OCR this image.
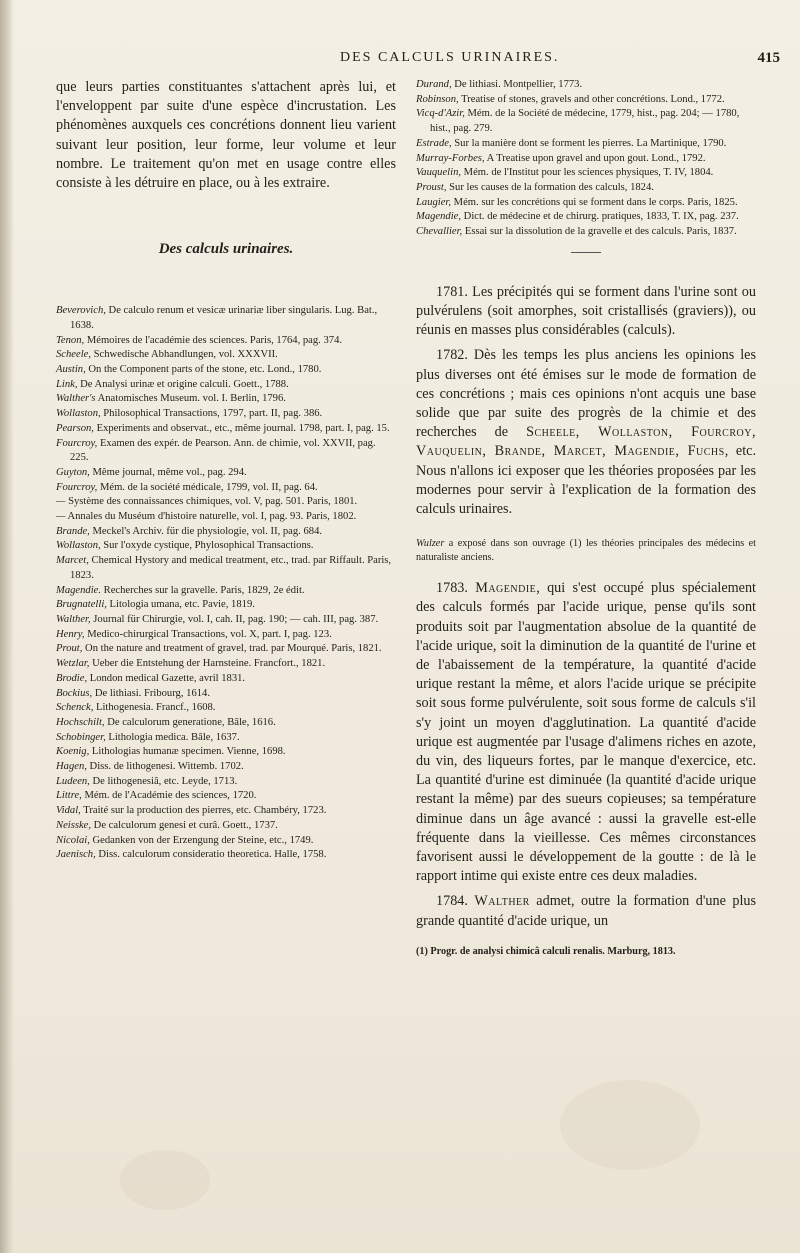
DES CALCULS URINAIRES.	415

que leurs parties constituantes s'attachent après lui, et l'enveloppent par suite d'une espèce d'incrustation. Les phénomènes auxquels ces concrétions donnent lieu varient suivant leur position, leur forme, leur volume et leur nombre. Le traitement qu'on met en usage contre elles consiste à les détruire en place, ou à les extraire.

Des calculs urinaires.

Beverovich, De calculo renum et vesicæ urinariæ liber singularis. Lug. Bat., 1638.

Tenon, Mémoires de l'académie des sciences. Paris, 1764, pag. 374.

Scheele, Schwedische Abhandlungen, vol. XXXVII.

Austin, On the Component parts of the stone, etc. Lond., 1780.

Link, De Analysi urinæ et origine calculi. Goett., 1788.

Walther's Anatomisches Museum. vol. I. Berlin, 1796.

Wollaston, Philosophical Transactions, 1797, part. II, pag. 386.

Pearson, Experiments and observat., etc., même journal. 1798, part. I, pag. 15.

Fourcroy, Examen des expér. de Pearson. Ann. de chimie, vol. XXVII, pag. 225.

Guyton, Même journal, même vol., pag. 294.

Fourcroy, Mém. de la société médicale, 1799, vol. II, pag. 64.

— Système des connaissances chimiques, vol. V, pag. 501. Paris, 1801.

— Annales du Muséum d'histoire naturelle, vol. I, pag. 93. Paris, 1802.

Brande, Meckel's Archiv. für die physiologie, vol. II, pag. 684.

Wollaston, Sur l'oxyde cystique, Phylosophical Transactions.

Marcet, Chemical Hystory and medical treatment, etc., trad. par Riffault. Paris, 1823.

Magendie. Recherches sur la gravelle. Paris, 1829, 2e édit.

Brugnatelli, Litologia umana, etc. Pavie, 1819.

Walther, Journal für Chirurgie, vol. I, cah. II, pag. 190; — cah. III, pag. 387.

Henry, Medico-chirurgical Transactions, vol. X, part. I, pag. 123.

Prout, On the nature and treatment of gravel, trad. par Mourqué. Paris, 1821.

Wetzlar, Ueber die Entstehung der Harnsteine. Francfort., 1821.

Brodie, London medical Gazette, avril 1831.

Bockius, De lithiasi. Fribourg, 1614.

Schenck, Lithogenesia. Francf., 1608.

Hochschilt, De calculorum generatione, Bâle, 1616.

Schobinger, Lithologia medica. Bâle, 1637.

Koenig, Lithologias humanæ specimen. Vienne, 1698.

Hagen, Diss. de lithogenesi. Wittemb. 1702.

Ludeen, De lithogenesiâ, etc. Leyde, 1713.

Littre, Mém. de l'Académie des sciences, 1720.

Vidal, Traité sur la production des pierres, etc. Chambéry, 1723.

Neisske, De calculorum genesi et curâ. Goett., 1737.

Nicolai, Gedanken von der Erzengung der Steine, etc., 1749.

Jaenisch, Diss. calculorum consideratio theoretica. Halle, 1758.

Durand, De lithiasi. Montpellier, 1773.

Robinson, Treatise of stones, gravels and other concrétions. Lond., 1772.

Vicq-d'Azir, Mém. de la Société de médecine, 1779, hist., pag. 204; — 1780, hist., pag. 279.

Estrade, Sur la manière dont se forment les pierres. La Martinique, 1790.

Murray-Forbes, A Treatise upon gravel and upon gout. Lond., 1792.

Vauquelin, Mém. de l'Institut pour les sciences physiques, T. IV, 1804.

Proust, Sur les causes de la formation des calculs, 1824.

Laugier, Mém. sur les concrétions qui se forment dans le corps. Paris, 1825.

Magendie, Dict. de médecine et de chirurg. pratiques, 1833, T. IX, pag. 237.

Chevallier, Essai sur la dissolution de la gravelle et des calculs. Paris, 1837.

1781. Les précipités qui se forment dans l'urine sont ou pulvérulens (soit amorphes, soit cristallisés (graviers)), ou réunis en masses plus considérables (calculs).

1782. Dès les temps les plus anciens les opinions les plus diverses ont été émises sur le mode de formation de ces concrétions ; mais ces opinions n'ont acquis une base solide que par suite des progrès de la chimie et des recherches de Scheele, Wollaston, Fourcroy, Vauquelin, Brande, Marcet, Magendie, Fuchs, etc. Nous n'allons ici exposer que les théories proposées par les modernes pour servir à l'explication de la formation des calculs urinaires.

Wulzer a exposé dans son ouvrage (1) les théories principales des médecins et naturaliste anciens.

1783. Magendie, qui s'est occupé plus spécialement des calculs formés par l'acide urique, pense qu'ils sont produits soit par l'augmentation absolue de la quantité de l'acide urique, soit la diminution de la quantité de l'urine et de l'abaissement de la température, la quantité d'acide urique restant la même, et alors l'acide urique se précipite soit sous forme pulvérulente, soit sous forme de calculs s'il s'y joint un moyen d'agglutination. La quantité d'acide urique est augmentée par l'usage d'alimens riches en azote, du vin, des liqueurs fortes, par le manque d'exercice, etc. La quantité d'urine est diminuée (la quantité d'acide urique restant la même) par des sueurs copieuses; sa température diminue dans un âge avancé : aussi la gravelle est-elle fréquente dans la vieillesse. Ces mêmes circonstances favorisent aussi le développement de la goutte : de là le rapport intime qui existe entre ces deux maladies.

1784. Walther admet, outre la formation d'une plus grande quantité d'acide urique, un

(1) Progr. de analysi chimicâ calculi renalis. Marburg, 1813.
